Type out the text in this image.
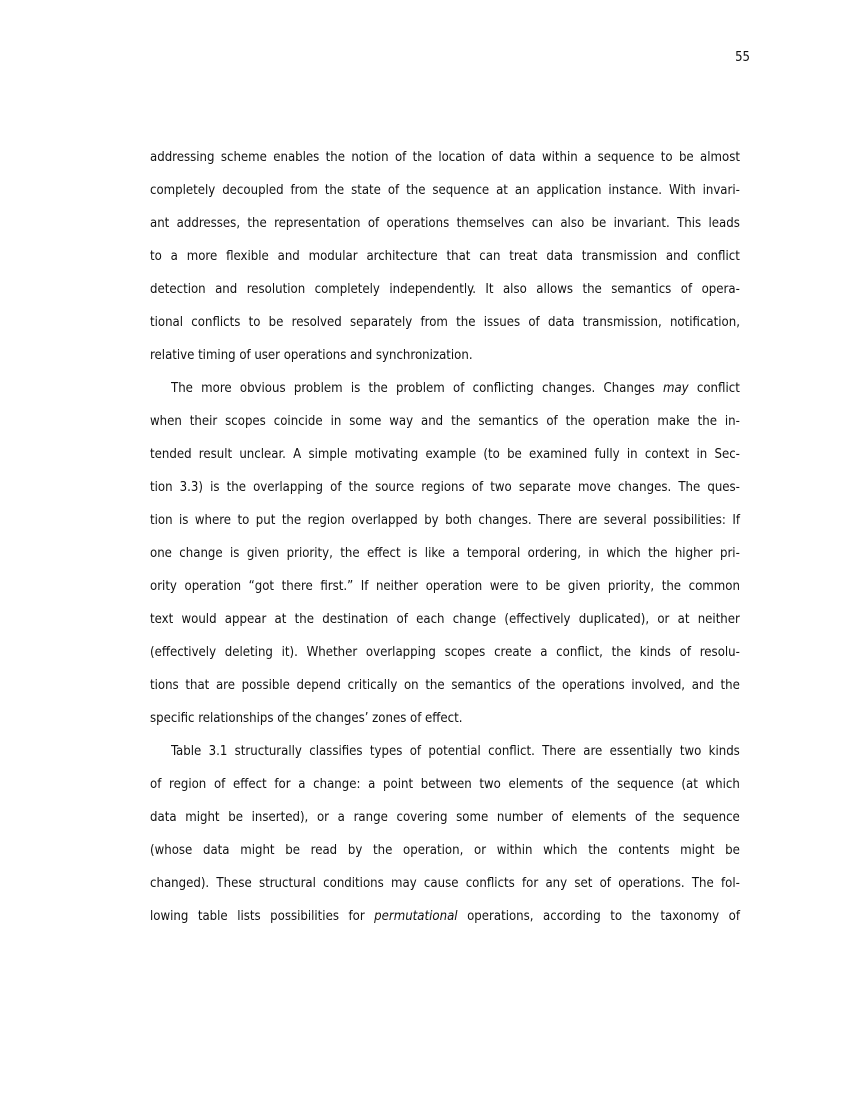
55

addressing scheme enables the notion of the location of data within a sequence to be almost
completely decoupled from the state of the sequence at an application instance. With invari-
ant addresses, the representation of operations themselves can also be invariant. This leads
to a more flexible and modular architecture that can treat data transmission and conflict
detection and resolution completely independently. It also allows the semantics of opera-
tional conflicts to be resolved separately from the issues of data transmission, notification,
relative timing of user operations and synchronization.
The more obvious problem is the problem of conflicting changes. Changes may conflict
when their scopes coincide in some way and the semantics of the operation make the in-
tended result unclear. A simple motivating example (to be examined fully in context in Sec-
tion 3.3) is the overlapping of the source regions of two separate move changes. The ques-
tion is where to put the region overlapped by both changes. There are several possibilities: If
one change is given priority, the effect is like a temporal ordering, in which the higher pri-
ority operation “got there first.” If neither operation were to be given priority, the common
text would appear at the destination of each change (effectively duplicated), or at neither
(effectively deleting it). Whether overlapping scopes create a conflict, the kinds of resolu-
tions that are possible depend critically on the semantics of the operations involved, and the
specific relationships of the changes’ zones of effect.
Table 3.1 structurally classifies types of potential conflict. There are essentially two kinds
of region of effect for a change: a point between two elements of the sequence (at which
data might be inserted), or a range covering some number of elements of the sequence
(whose data might be read by the operation, or within which the contents might be
changed). These structural conditions may cause conflicts for any set of operations. The fol-
lowing table lists possibilities for permutational operations, according to the taxonomy of
